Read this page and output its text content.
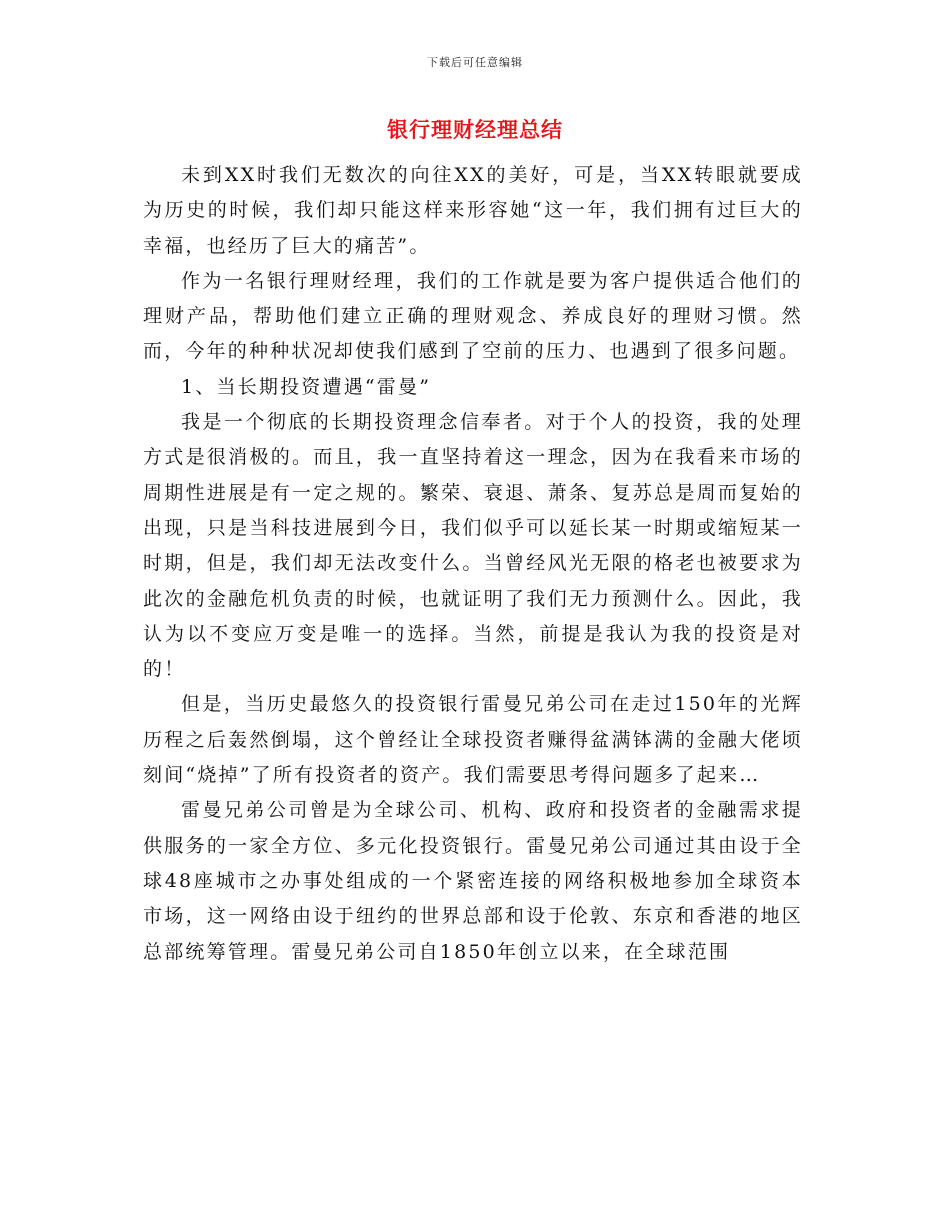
下载后可任意编辑
银行理财经理总结

未到XX时我们无数次的向往XX的美好，可是，当XX转眼就要成为历史的时候，我们却只能这样来形容她“这一年，我们拥有过巨大的幸福，也经历了巨大的痛苦”。

作为一名银行理财经理，我们的工作就是要为客户提供适合他们的理财产品，帮助他们建立正确的理财观念、养成良好的理财习惯。然而，今年的种种状况却使我们感到了空前的压力、也遇到了很多问题。

1、当长期投资遭遇“雷曼”

我是一个彻底的长期投资理念信奉者。对于个人的投资，我的处理方式是很消极的。而且，我一直坚持着这一理念，因为在我看来市场的周期性进展是有一定之规的。繁荣、衰退、萧条、复苏总是周而复始的出现，只是当科技进展到今日，我们似乎可以延长某一时期或缩短某一时期，但是，我们却无法改变什么。当曾经风光无限的格老也被要求为此次的金融危机负责的时候，也就证明了我们无力预测什么。因此，我认为以不变应万变是唯一的选择。当然，前提是我认为我的投资是对的！

但是，当历史最悠久的投资银行雷曼兄弟公司在走过150年的光辉历程之后轰然倒塌，这个曾经让全球投资者赚得盆满钵满的金融大佬顷刻间“烧掉”了所有投资者的资产。我们需要思考得问题多了起来…

雷曼兄弟公司曾是为全球公司、机构、政府和投资者的金融需求提供服务的一家全方位、多元化投资银行。雷曼兄弟公司通过其由设于全球48座城市之办事处组成的一个紧密连接的网络积极地参加全球资本市场，这一网络由设于纽约的世界总部和设于伦敦、东京和香港的地区总部统筹管理。雷曼兄弟公司自1850年创立以来，在全球范围
